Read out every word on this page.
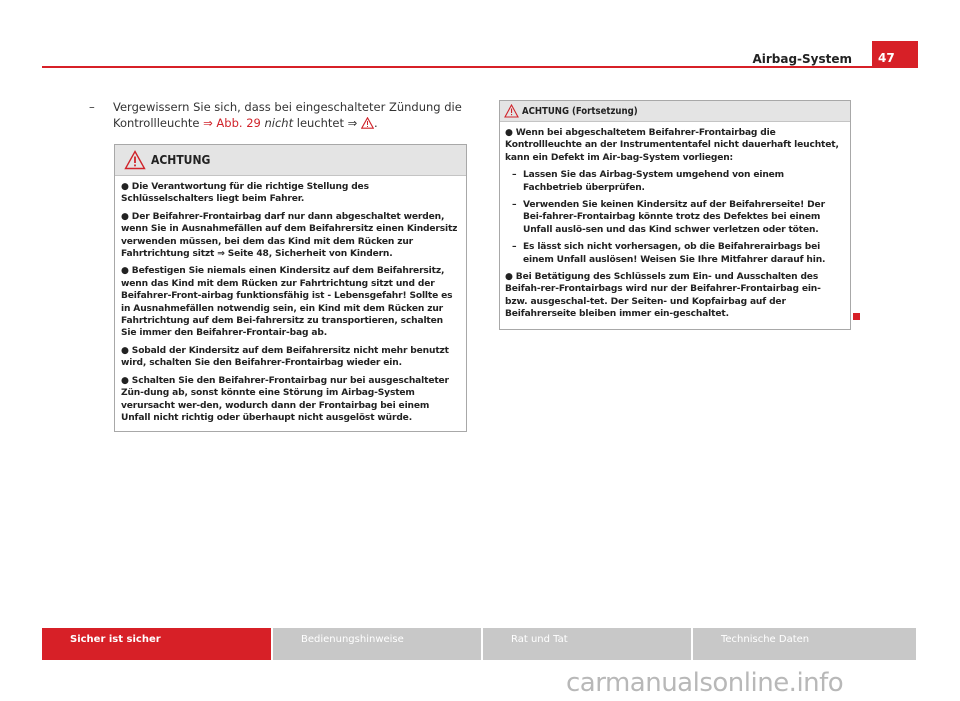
Airbag-System	47
– Vergewissern Sie sich, dass bei eingeschalteter Zündung die Kontrollleuchte ⇒ Abb. 29 nicht leuchtet ⇒ .
ACHTUNG

● Die Verantwortung für die richtige Stellung des Schlüsselschalters liegt beim Fahrer.

● Der Beifahrer-Frontairbag darf nur dann abgeschaltet werden, wenn Sie in Ausnahmefällen auf dem Beifahrersitz einen Kindersitz verwenden müssen, bei dem das Kind mit dem Rücken zur Fahrtrichtung sitzt ⇒ Seite 48, Sicherheit von Kindern.

● Befestigen Sie niemals einen Kindersitz auf dem Beifahrersitz, wenn das Kind mit dem Rücken zur Fahrtrichtung sitzt und der Beifahrer-Front-airbag funktionsfähig ist - Lebensgefahr! Sollte es in Ausnahmefällen notwendig sein, ein Kind mit dem Rücken zur Fahrtrichtung auf dem Bei-fahrersitz zu transportieren, schalten Sie immer den Beifahrer-Frontair-bag ab.

● Sobald der Kindersitz auf dem Beifahrersitz nicht mehr benutzt wird, schalten Sie den Beifahrer-Frontairbag wieder ein.

● Schalten Sie den Beifahrer-Frontairbag nur bei ausgeschalteter Zün-dung ab, sonst könnte eine Störung im Airbag-System verursacht wer-den, wodurch dann der Frontairbag bei einem Unfall nicht richtig oder überhaupt nicht ausgelöst würde.

ACHTUNG (Fortsetzung)

● Wenn bei abgeschaltetem Beifahrer-Frontairbag die Kontrollleuchte an der Instrumententafel nicht dauerhaft leuchtet, kann ein Defekt im Air-bag-System vorliegen:

– Lassen Sie das Airbag-System umgehend von einem Fachbetrieb überprüfen.

– Verwenden Sie keinen Kindersitz auf der Beifahrerseite! Der Bei-fahrer-Frontairbag könnte trotz des Defektes bei einem Unfall auslö-sen und das Kind schwer verletzen oder töten.

– Es lässt sich nicht vorhersagen, ob die Beifahrerairbags bei einem Unfall auslösen! Weisen Sie Ihre Mitfahrer darauf hin.

● Bei Betätigung des Schlüssels zum Ein- und Ausschalten des Beifah-rer-Frontairbags wird nur der Beifahrer-Frontairbag ein- bzw. ausgeschal-tet. Der Seiten- und Kopfairbag auf der Beifahrerseite bleiben immer ein-geschaltet.

Sicher ist sicher	Bedienungshinweise	Rat und Tat	Technische Daten
carmanualsonline.info
